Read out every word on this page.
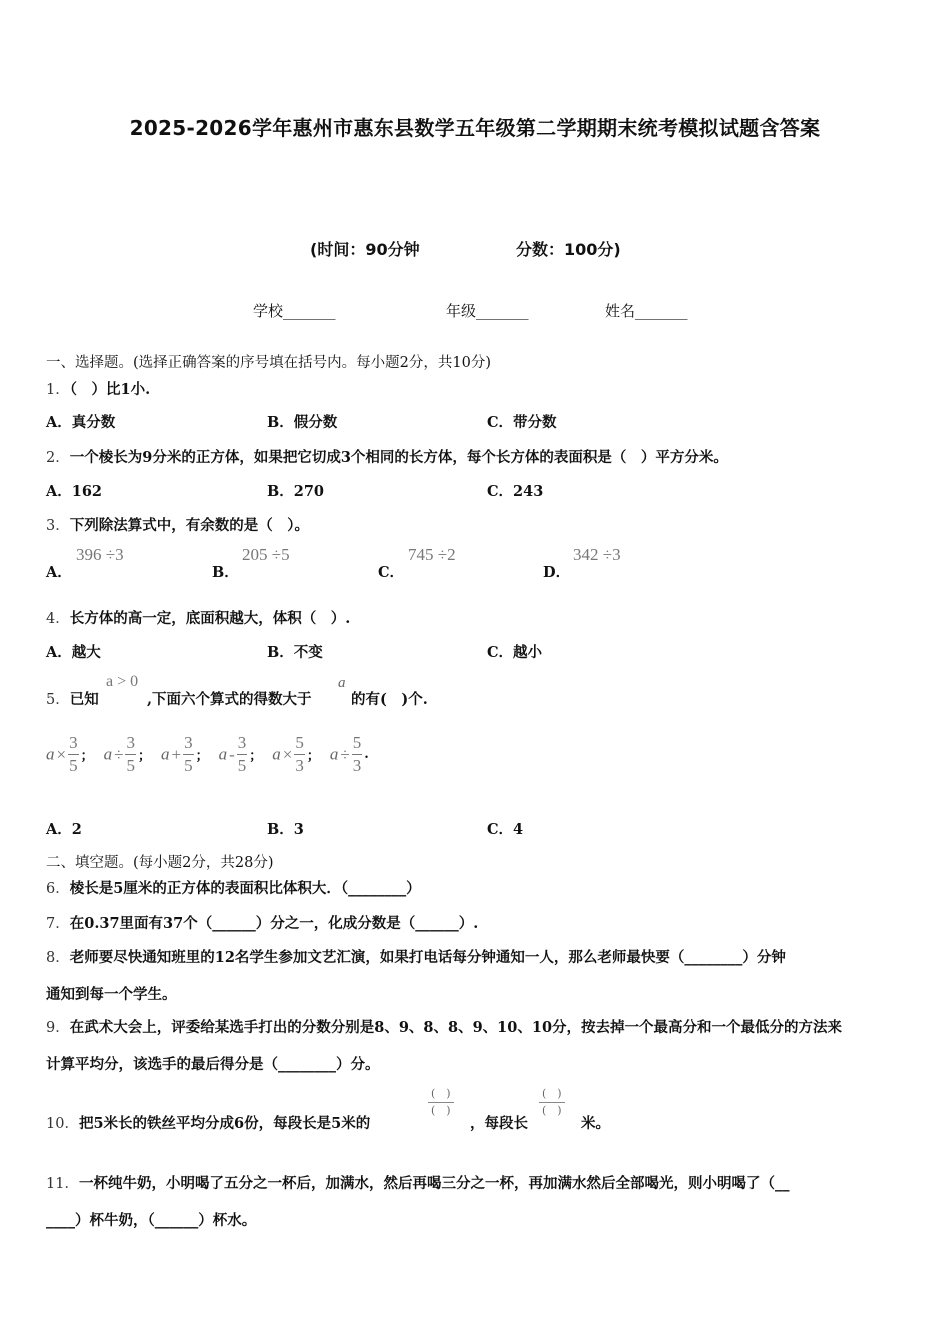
2025-2026学年惠州市惠东县数学五年级第二学期期末统考模拟试题含答案
(时间：90分钟	分数：100分)
学校_______	年级_______	姓名_______
一、选择题。(选择正确答案的序号填在括号内。每小题2分，共10分)
1．（　）比1小.
A．真分数	B．假分数	C．带分数
2．一个棱长为9分米的正方体，如果把它切成3个相同的长方体，每个长方体的表面积是（　）平方分米。
A．162	B．270	C．243
3．下列除法算式中，有余数的是（　）。
A．
396 ÷3
B．
205 ÷5
C．
745 ÷2
D．
342 ÷3
4．长方体的高一定，底面积越大，体积（　）.
A．越大	B．不变	C．越小
5．已知
a > 0
,下面六个算式的得数大于
a
的有(　)个.
$a \times \frac{3}{5}$ ； $a \div \frac{3}{5}$ ； $a + \frac{3}{5}$ ； a - $\frac{3}{5}$ ； $a \times \frac{5}{3}$ ； $a \div \frac{5}{3}$ .
A．2	B．3	C．4
二、填空题。(每小题2分，共28分)
6．棱长是5厘米的正方体的表面积比体积大．（________）
7．在0.37里面有37个（______）分之一，化成分数是（______）.
8．老师要尽快通知班里的12名学生参加文艺汇演，如果打电话每分钟通知一人，那么老师最快要（________）分钟
通知到每一个学生。
9．在武术大会上，评委给某选手打出的分数分别是8、9、8、8、9、10、10分，按去掉一个最高分和一个最低分的方法来
计算平均分，该选手的最后得分是（________）分。
10．把5米长的铁丝平均分成6份，每段长是5米的
(　)
(　)
，每段长
(　)
(　)
米。
11．一杯纯牛奶，小明喝了五分之一杯后，加满水，然后再喝三分之一杯，再加满水然后全部喝光，则小明喝了（__
____）杯牛奶，（______）杯水。
